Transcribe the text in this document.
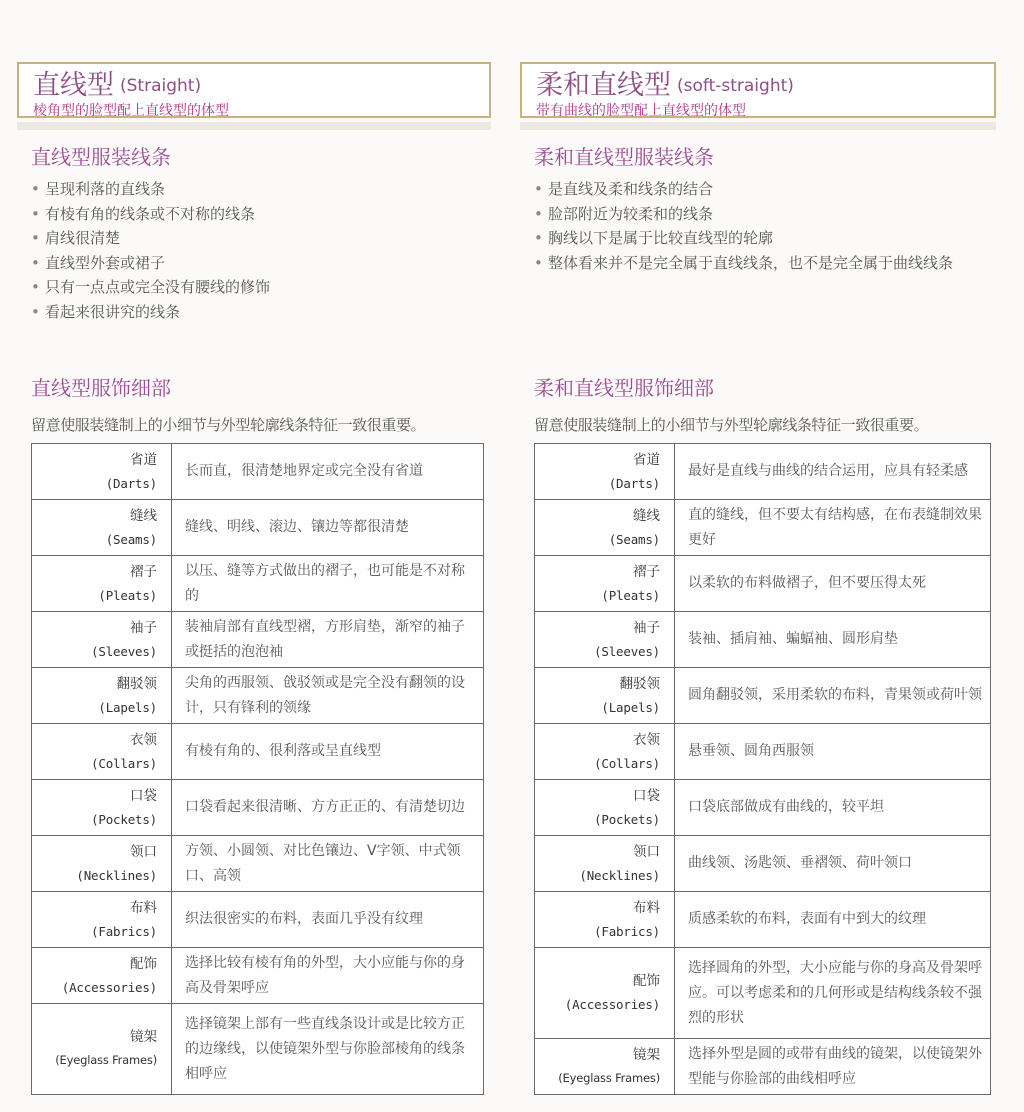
直线型 (Straight)
棱角型的脸型配上直线型的体型
直线型服装线条
• 呈现利落的直线条
• 有棱有角的线条或不对称的线条
• 肩线很清楚
• 直线型外套或裙子
• 只有一点点或完全没有腰线的修饰
• 看起来很讲究的线条
直线型服饰细部
留意使服装缝制上的小细节与外型轮廓线条特征一致很重要。
省道
(Darts)	长而直，很清楚地界定或完全没有省道

缝线
(Seams)	缝线、明线、滚边、镶边等都很清楚

褶子
(Pleats)	以压、缝等方式做出的褶子，也可能是不对称的

袖子
(Sleeves)	装袖肩部有直线型褶，方形肩垫，渐窄的袖子或挺括的泡泡袖

翻驳领
(Lapels)	尖角的西服领、戗驳领或是完全没有翻领的设计，只有锋利的领缘

衣领
(Collars)	有棱有角的、很利落或呈直线型

口袋
(Pockets)	口袋看起来很清晰、方方正正的、有清楚切边

领口
(Necklines)	方领、小圆领、对比色镶边、V字领、中式领口、高领

布料
(Fabrics)	织法很密实的布料，表面几乎没有纹理

配饰
(Accessories)	选择比较有棱有角的外型，大小应能与你的身高及骨架呼应

镜架
(Eyeglass Frames)	选择镜架上部有一些直线条设计或是比较方正的边缘线，以使镜架外型与你脸部棱角的线条相呼应
柔和直线型 (soft-straight)
带有曲线的脸型配上直线型的体型
柔和直线型服装线条
• 是直线及柔和线条的结合
• 脸部附近为较柔和的线条
• 胸线以下是属于比较直线型的轮廓
• 整体看来并不是完全属于直线线条，也不是完全属于曲线线条
柔和直线型服饰细部
留意使服装缝制上的小细节与外型轮廓线条特征一致很重要。
省道
(Darts)	最好是直线与曲线的结合运用，应具有轻柔感

缝线
(Seams)	直的缝线，但不要太有结构感，在布表缝制效果更好

褶子
(Pleats)	以柔软的布料做褶子，但不要压得太死

袖子
(Sleeves)	装袖、插肩袖、蝙蝠袖、圆形肩垫

翻驳领
(Lapels)	圆角翻驳领，采用柔软的布料，青果领或荷叶领

衣领
(Collars)	悬垂领、圆角西服领

口袋
(Pockets)	口袋底部做成有曲线的，较平坦

领口
(Necklines)	曲线领、汤匙领、垂褶领、荷叶领口

布料
(Fabrics)	质感柔软的布料，表面有中到大的纹理

配饰
(Accessories)	选择圆角的外型，大小应能与你的身高及骨架呼应。可以考虑柔和的几何形或是结构线条较不强烈的形状

镜架
(Eyeglass Frames)	选择外型是圆的或带有曲线的镜架，以使镜架外型能与你脸部的曲线相呼应
